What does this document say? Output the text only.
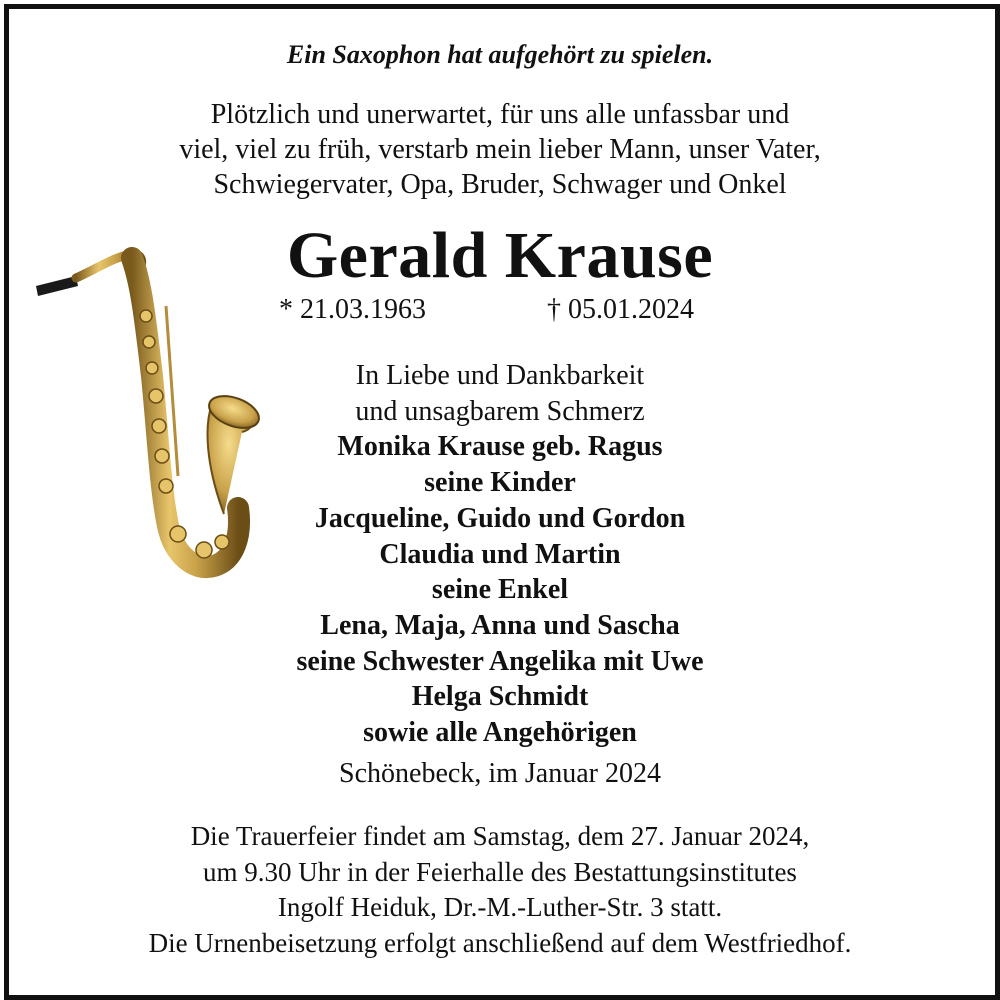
Ein Saxophon hat aufgehört zu spielen.
Plötzlich und unerwartet, für uns alle unfassbar und
viel, viel zu früh, verstarb mein lieber Mann, unser Vater,
Schwiegervater, Opa, Bruder, Schwager und Onkel
Gerald Krause
* 21.03.1963	† 05.01.2024
In Liebe und Dankbarkeit
und unsagbarem Schmerz
Monika Krause geb. Ragus
seine Kinder
Jacqueline, Guido und Gordon
Claudia und Martin
seine Enkel
Lena, Maja, Anna und Sascha
seine Schwester Angelika mit Uwe
Helga Schmidt
sowie alle Angehörigen
Schönebeck, im Januar 2024
Die Trauerfeier findet am Samstag, dem 27. Januar 2024,
um 9.30 Uhr in der Feierhalle des Bestattungsinstitutes
Ingolf Heiduk, Dr.-M.-Luther-Str. 3 statt.
Die Urnenbeisetzung erfolgt anschließend auf dem Westfriedhof.
